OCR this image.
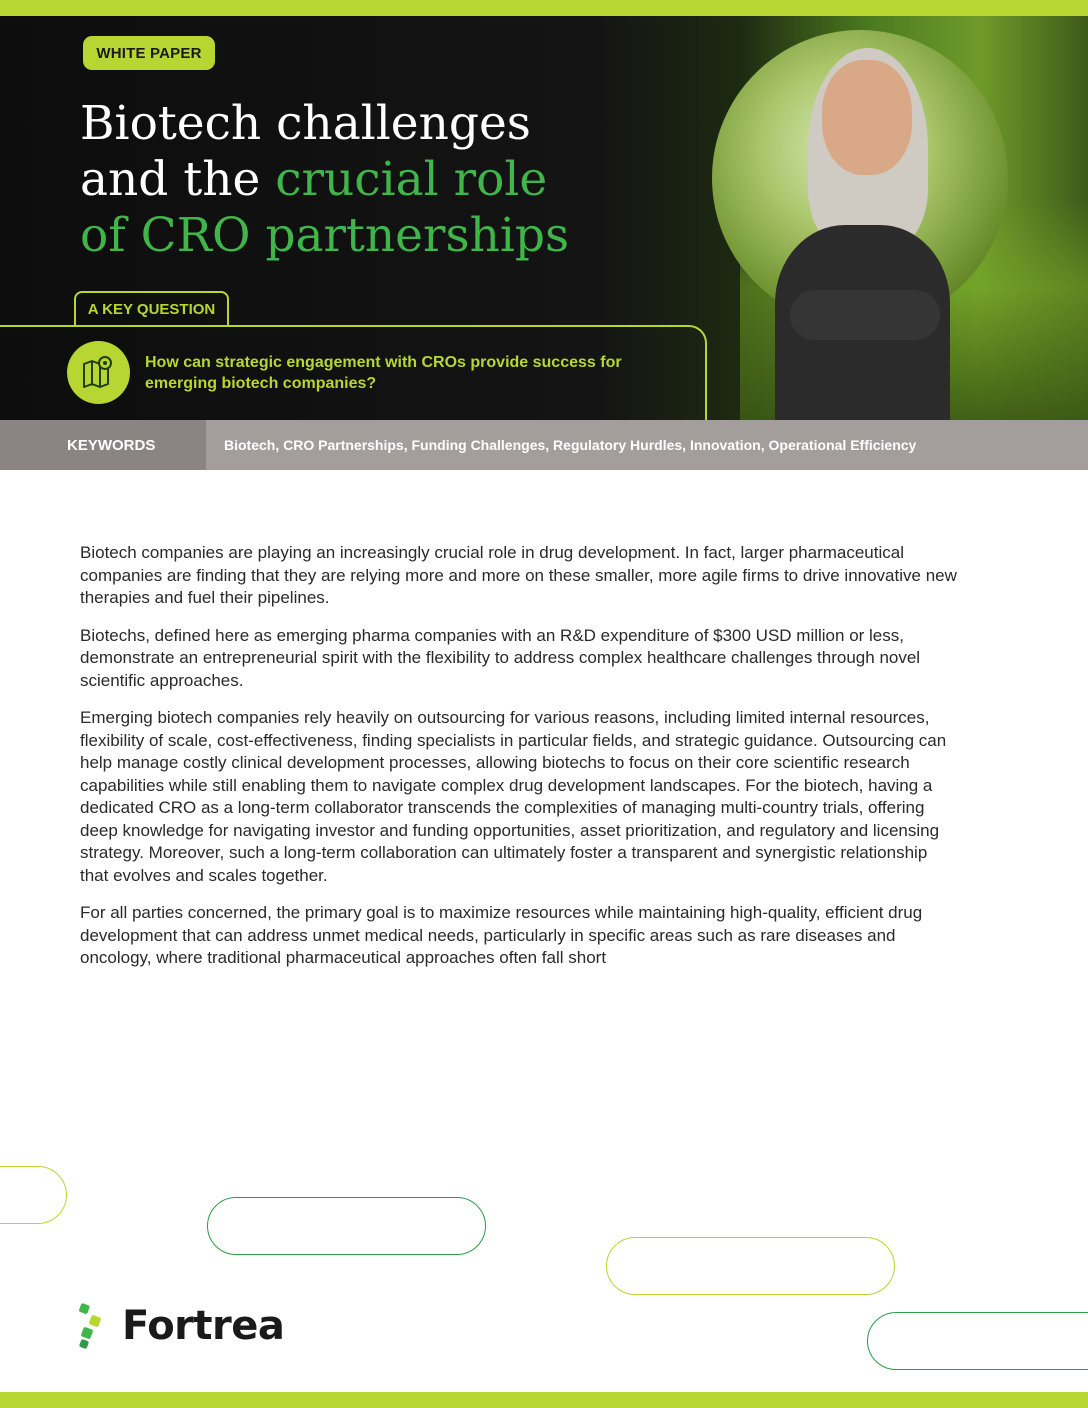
WHITE PAPER
Biotech challenges
and the crucial role
of CRO partnerships
A KEY QUESTION
How can strategic engagement with CROs provide success for emerging biotech companies?
KEYWORDS	Biotech, CRO Partnerships, Funding Challenges, Regulatory Hurdles, Innovation, Operational Efficiency

Biotech companies are playing an increasingly crucial role in drug development. In fact, larger pharmaceutical companies are finding that they are relying more and more on these smaller, more agile firms to drive innovative new therapies and fuel their pipelines.

Biotechs, defined here as emerging pharma companies with an R&D expenditure of $300 USD million or less, demonstrate an entrepreneurial spirit with the flexibility to address complex healthcare challenges through novel scientific approaches.

Emerging biotech companies rely heavily on outsourcing for various reasons, including limited internal resources, flexibility of scale, cost-effectiveness, finding specialists in particular fields, and strategic guidance. Outsourcing can help manage costly clinical development processes, allowing biotechs to focus on their core scientific research capabilities while still enabling them to navigate complex drug development landscapes. For the biotech, having a dedicated CRO as a long-term collaborator transcends the complexities of managing multi-country trials, offering deep knowledge for navigating investor and funding opportunities, asset prioritization, and regulatory and licensing strategy. Moreover, such a long-term collaboration can ultimately foster a transparent and synergistic relationship that evolves and scales together.

For all parties concerned, the primary goal is to maximize resources while maintaining high-quality, efficient drug development that can address unmet medical needs, particularly in specific areas such as rare diseases and oncology, where traditional pharmaceutical approaches often fall short

Fortrea
